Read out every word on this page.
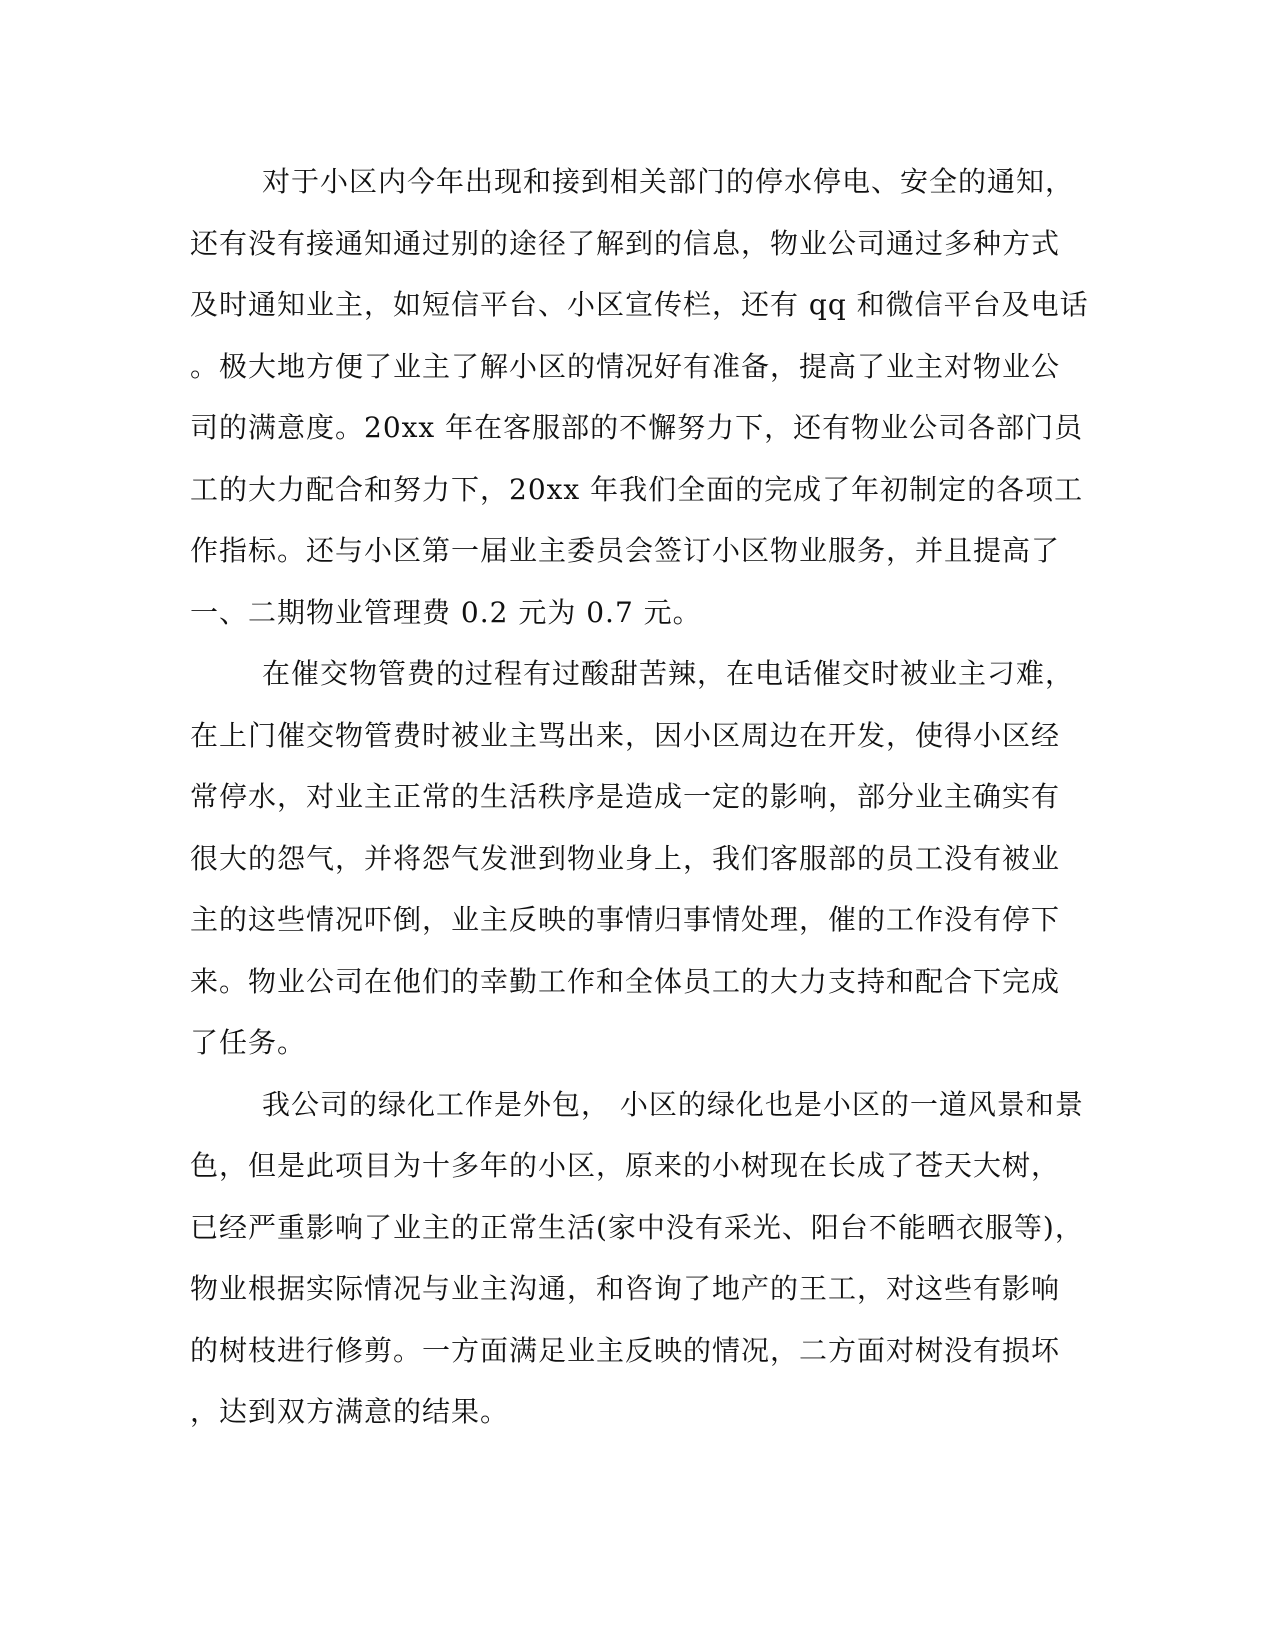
对于小区内今年出现和接到相关部门的停水停电、安全的通知，
还有没有接通知通过别的途径了解到的信息，物业公司通过多种方式
及时通知业主，如短信平台、小区宣传栏，还有 qq 和微信平台及电话
。极大地方便了业主了解小区的情况好有准备，提高了业主对物业公
司的满意度。20xx 年在客服部的不懈努力下，还有物业公司各部门员
工的大力配合和努力下，20xx 年我们全面的完成了年初制定的各项工
作指标。还与小区第一届业主委员会签订小区物业服务，并且提高了
一、二期物业管理费 0.2 元为 0.7 元。
在催交物管费的过程有过酸甜苦辣，在电话催交时被业主刁难，
在上门催交物管费时被业主骂出来，因小区周边在开发，使得小区经
常停水，对业主正常的生活秩序是造成一定的影响，部分业主确实有
很大的怨气，并将怨气发泄到物业身上，我们客服部的员工没有被业
主的这些情况吓倒，业主反映的事情归事情处理，催的工作没有停下
来。物业公司在他们的幸勤工作和全体员工的大力支持和配合下完成
了任务。
我公司的绿化工作是外包， 小区的绿化也是小区的一道风景和景
色，但是此项目为十多年的小区，原来的小树现在长成了苍天大树，
已经严重影响了业主的正常生活(家中没有采光、阳台不能晒衣服等)，
物业根据实际情况与业主沟通，和咨询了地产的王工，对这些有影响
的树枝进行修剪。一方面满足业主反映的情况，二方面对树没有损坏
，达到双方满意的结果。
